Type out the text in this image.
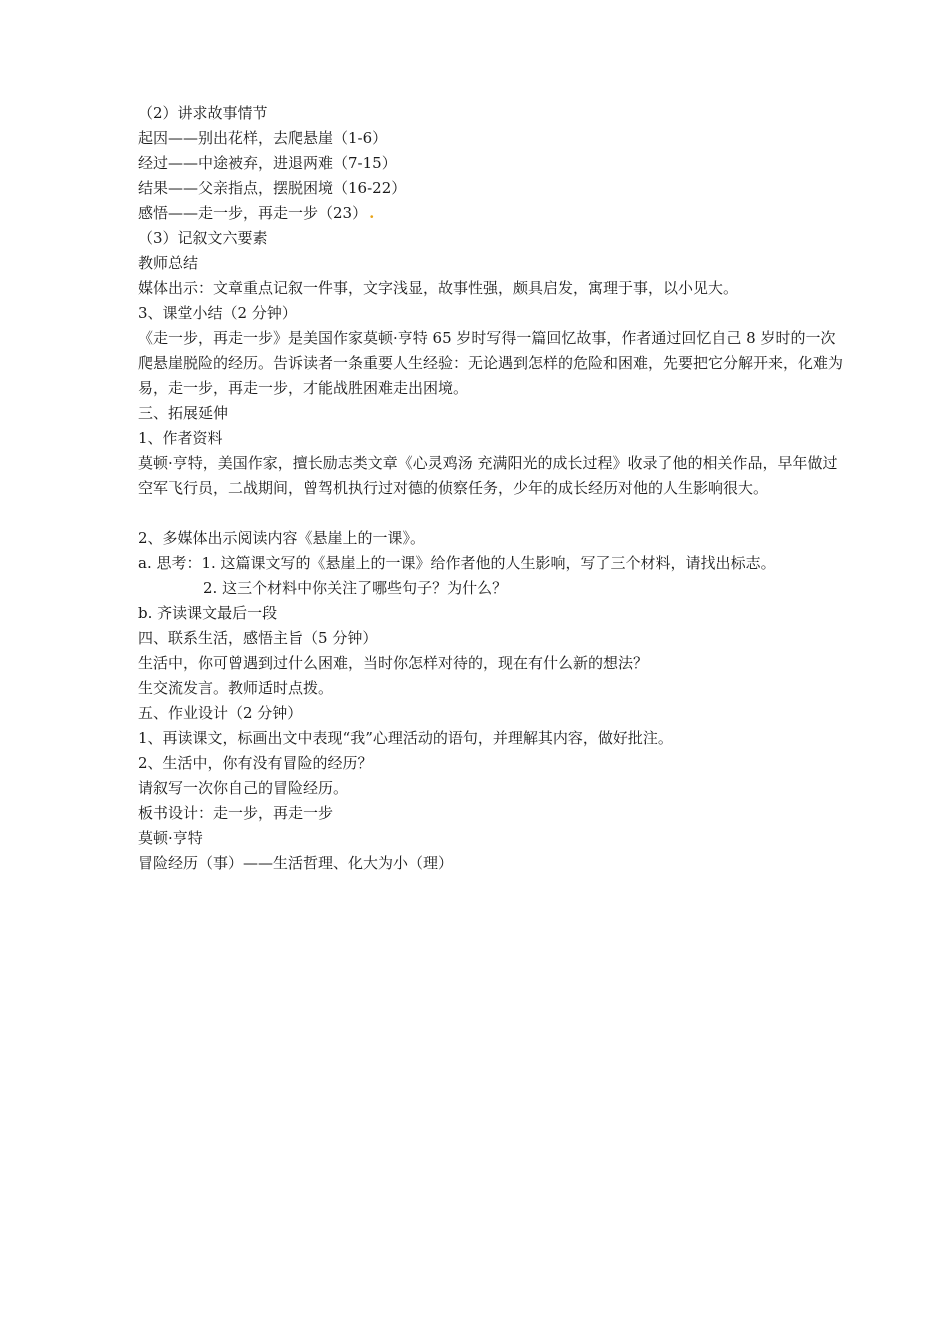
（2）讲求故事情节
起因——别出花样，去爬悬崖（1-6）
经过——中途被弃，进退两难（7-15）
结果——父亲指点，摆脱困境（16-22）
感悟——走一步，再走一步（23） .
（3）记叙文六要素
教师总结
媒体出示：文章重点记叙一件事，文字浅显，故事性强，颇具启发，寓理于事，以小见大。
3、课堂小结（2 分钟）
《走一步，再走一步》是美国作家莫顿·亨特 65 岁时写得一篇回忆故事，作者通过回忆自己 8 岁时的一次爬悬崖脱险的经历。告诉读者一条重要人生经验：无论遇到怎样的危险和困难，先要把它分解开来，化难为易，走一步，再走一步，才能战胜困难走出困境。
三、拓展延伸
1、作者资料
莫顿·亨特，美国作家，擅长励志类文章《心灵鸡汤 充满阳光的成长过程》收录了他的相关作品，早年做过空军飞行员，二战期间，曾驾机执行过对德的侦察任务，少年的成长经历对他的人生影响很大。
2、多媒体出示阅读内容《悬崖上的一课》。
a. 思考：1. 这篇课文写的《悬崖上的一课》给作者他的人生影响，写了三个材料，请找出标志。
2. 这三个材料中你关注了哪些句子？为什么？
b. 齐读课文最后一段
四、联系生活，感悟主旨（5 分钟）
生活中，你可曾遇到过什么困难，当时你怎样对待的，现在有什么新的想法？
生交流发言。教师适时点拨。
五、作业设计（2 分钟）
1、再读课文，标画出文中表现“我”心理活动的语句，并理解其内容，做好批注。
2、生活中，你有没有冒险的经历？
请叙写一次你自己的冒险经历。
板书设计：走一步，再走一步
莫顿·亨特
冒险经历（事）——生活哲理、化大为小（理）
